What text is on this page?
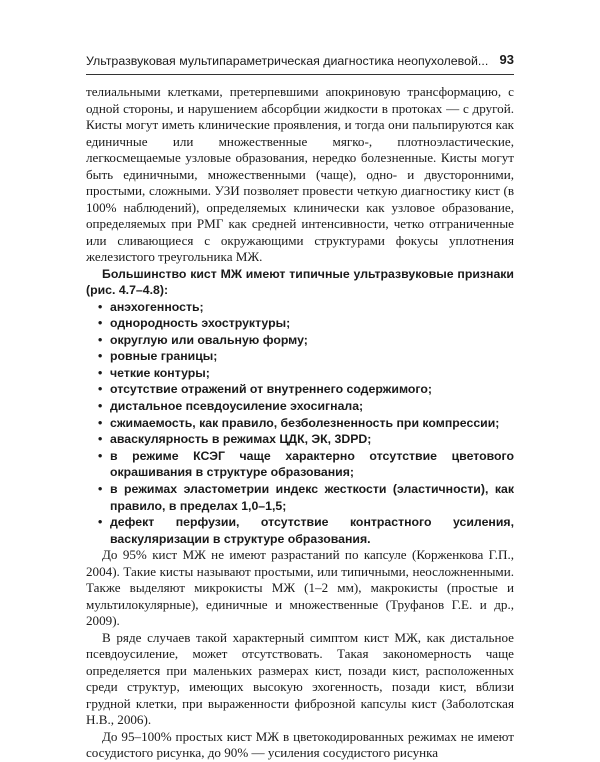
Ультразвуковая мультипараметрическая диагностика неопухолевой... 93

телиальными клетками, претерпевшими апокриновую трансформацию, с одной стороны, и нарушением абсорбции жидкости в протоках — с другой. Кисты могут иметь клинические проявления, и тогда они пальпируются как единичные или множественные мягко-, плотноэластические, легкосмещаемые узловые образования, нередко болезненные. Кисты могут быть единичными, множественными (чаще), одно- и двусторонними, простыми, сложными. УЗИ позволяет провести четкую диагностику кист (в 100% наблюдений), определяемых клинически как узловое образование, определяемых при РМГ как средней интенсивности, четко отграниченные или сливающиеся с окружающими структурами фокусы уплотнения железистого треугольника МЖ.

Большинство кист МЖ имеют типичные ультразвуковые признаки (рис. 4.7–4.8):

• анэхогенность;
• однородность эхоструктуры;
• округлую или овальную форму;
• ровные границы;
• четкие контуры;
• отсутствие отражений от внутреннего содержимого;
• дистальное псевдоусиление эхосигнала;
• сжимаемость, как правило, безболезненность при компрессии;
• аваскулярность в режимах ЦДК, ЭК, 3DPD;
• в режиме КСЭГ чаще характерно отсутствие цветового окрашивания в структуре образования;
• в режимах эластометрии индекс жесткости (эластичности), как правило, в пределах 1,0–1,5;
• дефект перфузии, отсутствие контрастного усиления, васкуляризации в структуре образования.

До 95% кист МЖ не имеют разрастаний по капсуле (Корженкова Г.П., 2004). Такие кисты называют простыми, или типичными, неосложненными. Также выделяют микрокисты МЖ (1–2 мм), макрокисты (простые и мультилокулярные), единичные и множественные (Труфанов Г.Е. и др., 2009).

В ряде случаев такой характерный симптом кист МЖ, как дистальное псевдоусиление, может отсутствовать. Такая закономерность чаще определяется при маленьких размерах кист, позади кист, расположенных среди структур, имеющих высокую эхогенность, позади кист, вблизи грудной клетки, при выраженности фиброзной капсулы кист (Заболотская Н.В., 2006).

До 95–100% простых кист МЖ в цветокодированных режимах не имеют сосудистого рисунка, до 90% — усиления сосудистого рисунка
